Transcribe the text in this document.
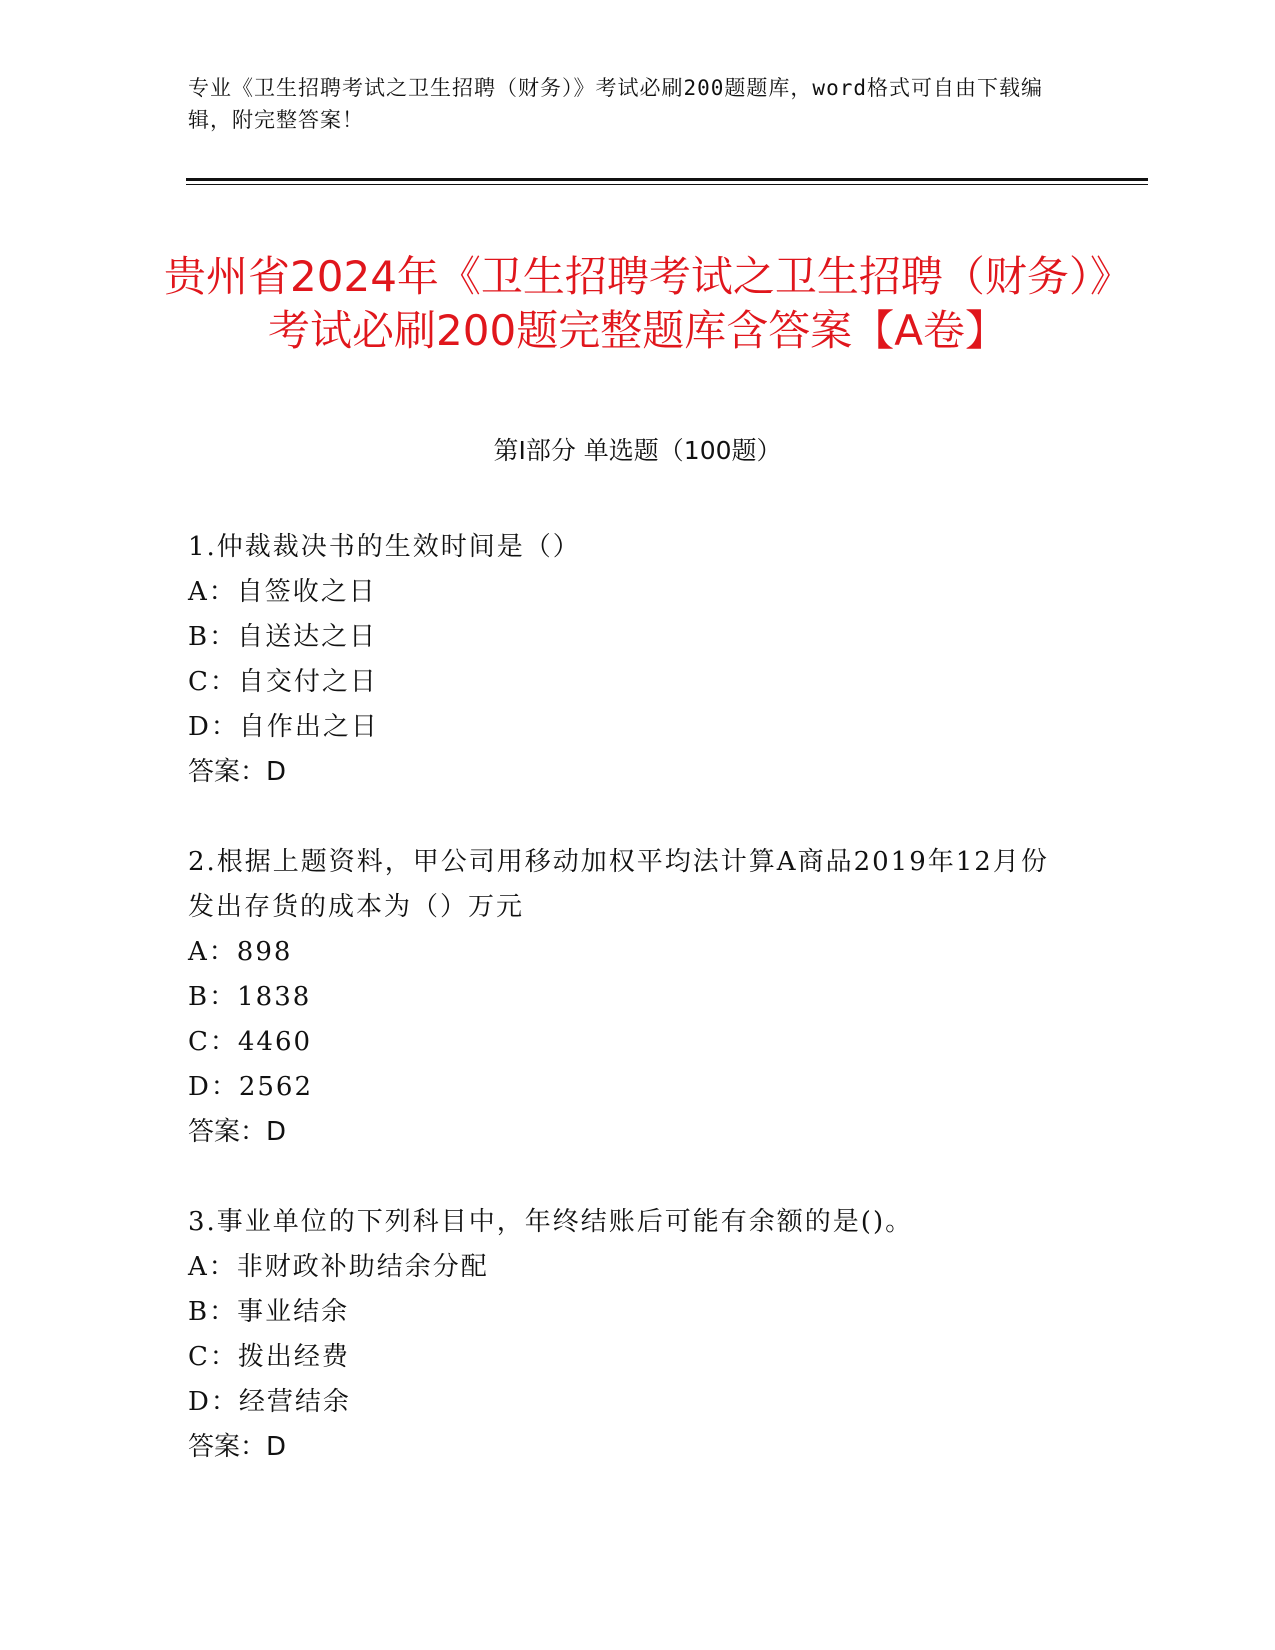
专业《卫生招聘考试之卫生招聘（财务）》考试必刷200题题库，word格式可自由下载编辑，附完整答案！
贵州省2024年《卫生招聘考试之卫生招聘（财务）》考试必刷200题完整题库含答案【A卷】
第I部分 单选题（100题）
1.仲裁裁决书的生效时间是（）
A：自签收之日
B：自送达之日
C：自交付之日
D：自作出之日
答案：D
2.根据上题资料，甲公司用移动加权平均法计算A商品2019年12月份发出存货的成本为（）万元
A：898
B：1838
C：4460
D：2562
答案：D
3.事业单位的下列科目中，年终结账后可能有余额的是()。
A：非财政补助结余分配
B：事业结余
C：拨出经费
D：经营结余
答案：D
